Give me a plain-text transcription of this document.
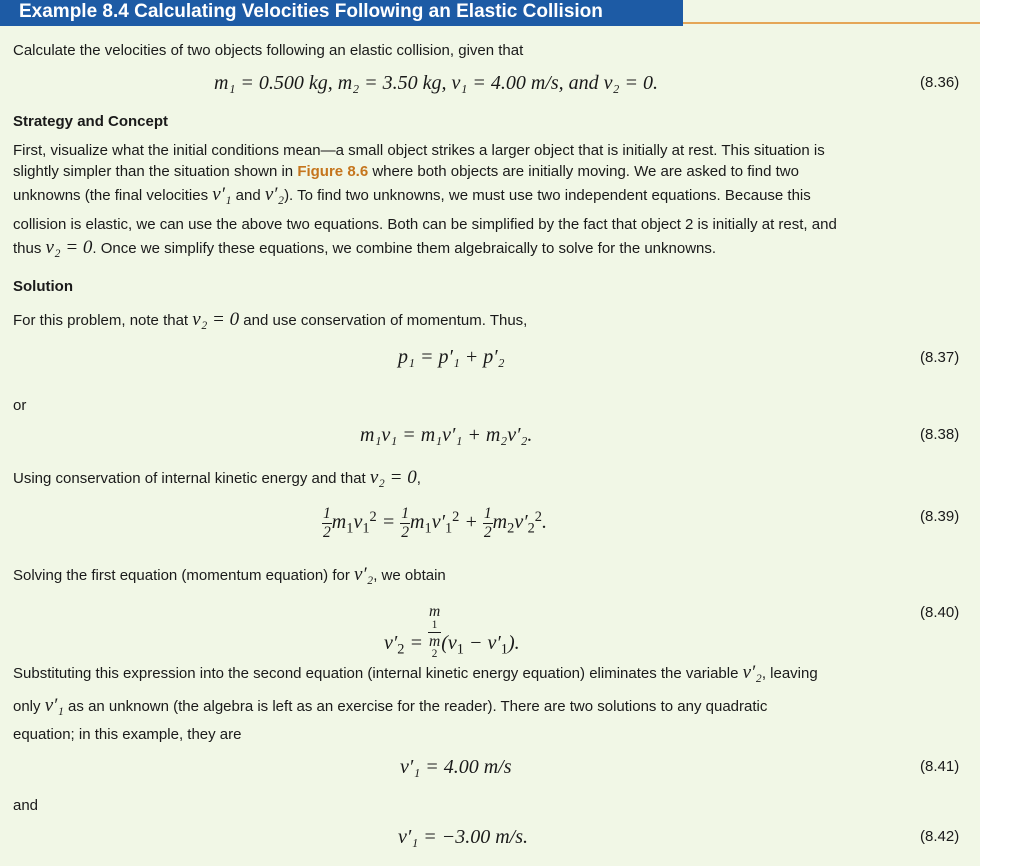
Example 8.4 Calculating Velocities Following an Elastic Collision
Calculate the velocities of two objects following an elastic collision, given that
m₁ = 0.500 kg, m₂ = 3.50 kg, v₁ = 4.00 m/s, and v₂ = 0.	(8.36)
Strategy and Concept
First, visualize what the initial conditions mean—a small object strikes a larger object that is initially at rest. This situation is
slightly simpler than the situation shown in Figure 8.6 where both objects are initially moving. We are asked to find two
unknowns (the final velocities v′₁ and v′₂). To find two unknowns, we must use two independent equations. Because this
collision is elastic, we can use the above two equations. Both can be simplified by the fact that object 2 is initially at rest, and
thus v₂ = 0. Once we simplify these equations, we combine them algebraically to solve for the unknowns.
Solution
For this problem, note that v₂ = 0 and use conservation of momentum. Thus,
p₁ = p′₁ + p′₂	(8.37)
or
m₁v₁ = m₁v′₁ + m₂v′₂.	(8.38)
Using conservation of internal kinetic energy and that v₂ = 0,
$\frac{1}{2} m_1v_1^2 = \frac{1}{2} m_1v'_1^2 + \frac{1}{2} m_2v'_2^2$.	(8.39)
Solving the first equation (momentum equation) for v′₂, we obtain
$v'_2 = m$
1
m
2 $(v_1 - v'_1)$.
(8.40)
Substituting this expression into the second equation (internal kinetic energy equation) eliminates the variable v′₂, leaving
only v′₁ as an unknown (the algebra is left as an exercise for the reader). There are two solutions to any quadratic
equation; in this example, they are
v′₁ = 4.00 m/s	(8.41)
and
v′₁ = −3.00 m/s.	(8.42)
